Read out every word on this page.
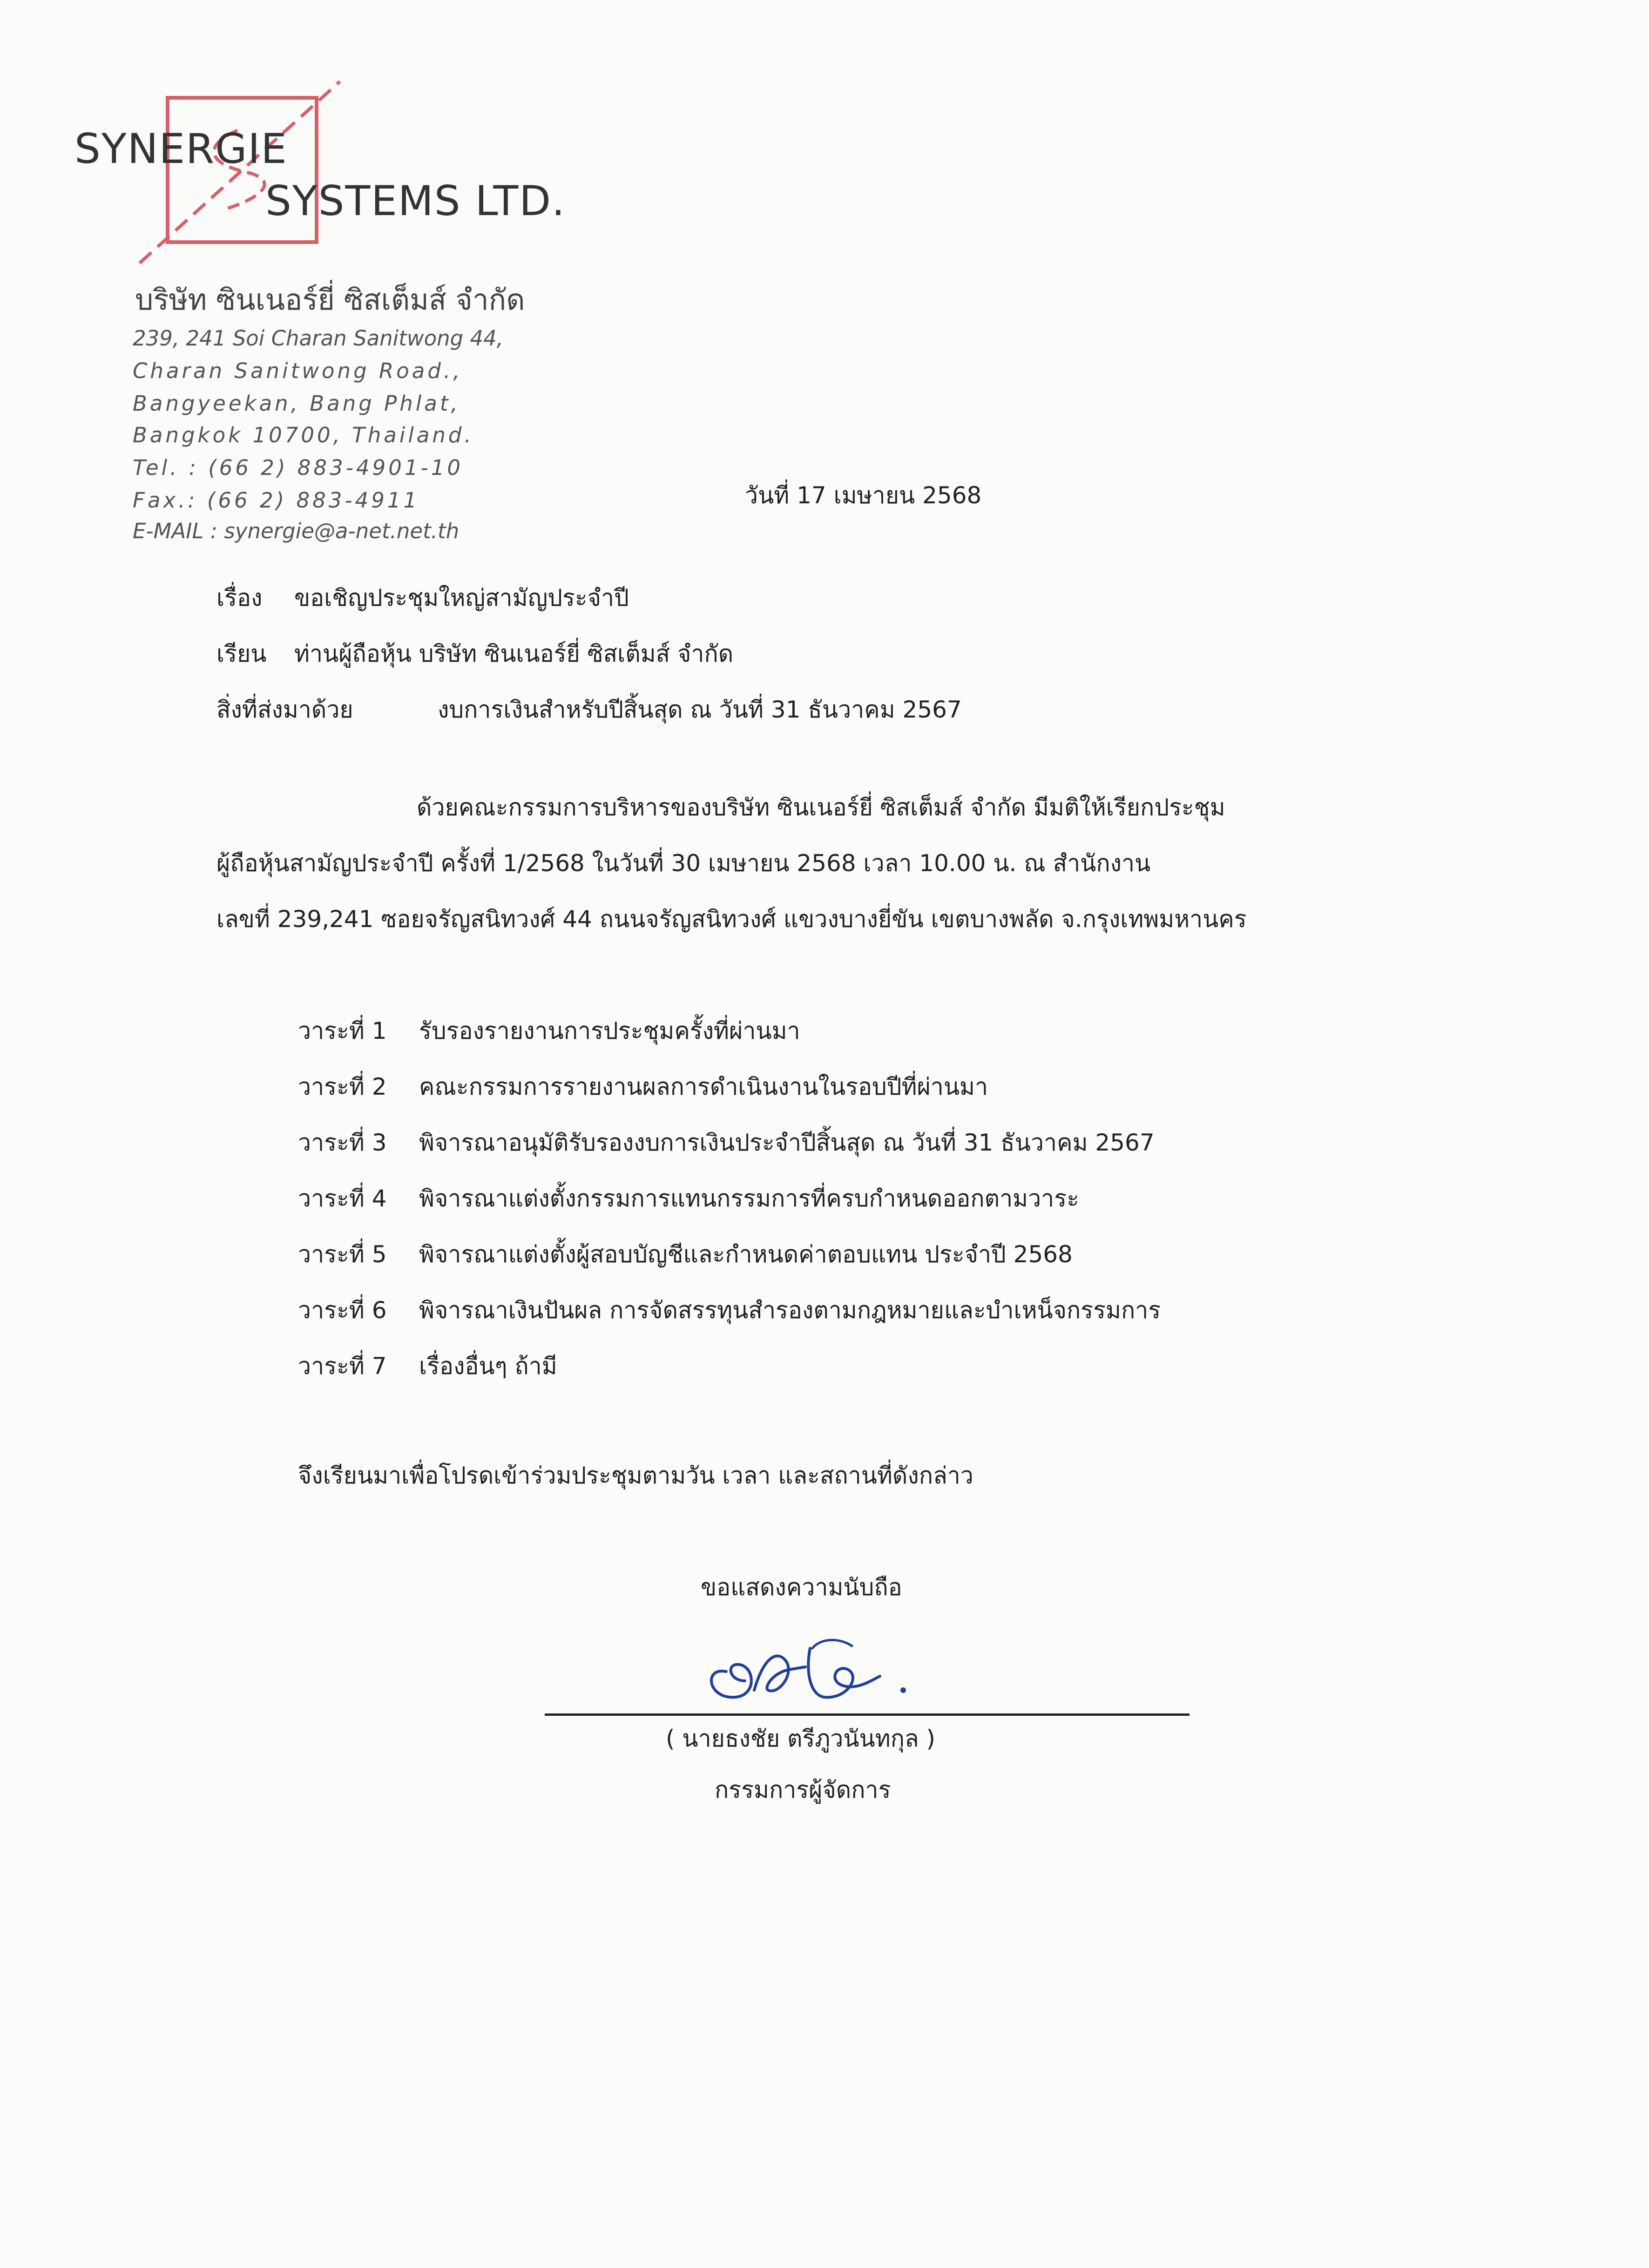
SYNERGIE
SYSTEMS LTD.
บริษัท ซินเนอร์ยี่ ซิสเต็มส์ จำกัด
239, 241 Soi Charan Sanitwong 44,
Charan Sanitwong Road.,
Bangyeekan, Bang Phlat,
Bangkok 10700, Thailand.
Tel. : (66 2) 883-4901-10
Fax.: (66 2) 883-4911
E-MAIL : synergie@a-net.net.th
วันที่ 17 เมษายน 2568
เรื่อง ขอเชิญประชุมใหญ่สามัญประจำปี
เรียน ท่านผู้ถือหุ้น บริษัท ซินเนอร์ยี่ ซิสเต็มส์ จำกัด
สิ่งที่ส่งมาด้วย	งบการเงินสำหรับปีสิ้นสุด ณ วันที่ 31 ธันวาคม 2567
ด้วยคณะกรรมการบริหารของบริษัท ซินเนอร์ยี่ ซิสเต็มส์ จำกัด มีมติให้เรียกประชุม
ผู้ถือหุ้นสามัญประจำปี ครั้งที่ 1/2568 ในวันที่ 30 เมษายน 2568 เวลา 10.00 น. ณ สำนักงาน
เลขที่ 239,241 ซอยจรัญสนิทวงศ์ 44 ถนนจรัญสนิทวงศ์ แขวงบางยี่ขัน เขตบางพลัด จ.กรุงเทพมหานคร
วาระที่ 1 รับรองรายงานการประชุมครั้งที่ผ่านมา
วาระที่ 2 คณะกรรมการรายงานผลการดำเนินงานในรอบปีที่ผ่านมา
วาระที่ 3 พิจารณาอนุมัติรับรองงบการเงินประจำปีสิ้นสุด ณ วันที่ 31 ธันวาคม 2567
วาระที่ 4 พิจารณาแต่งตั้งกรรมการแทนกรรมการที่ครบกำหนดออกตามวาระ
วาระที่ 5 พิจารณาแต่งตั้งผู้สอบบัญชีและกำหนดค่าตอบแทน ประจำปี 2568
วาระที่ 6 พิจารณาเงินปันผล การจัดสรรทุนสำรองตามกฎหมายและบำเหน็จกรรมการ
วาระที่ 7 เรื่องอื่นๆ ถ้ามี
จึงเรียนมาเพื่อโปรดเข้าร่วมประชุมตามวัน เวลา และสถานที่ดังกล่าว
ขอแสดงความนับถือ
( นายธงชัย ตรีภูวนันทกุล )
กรรมการผู้จัดการ
